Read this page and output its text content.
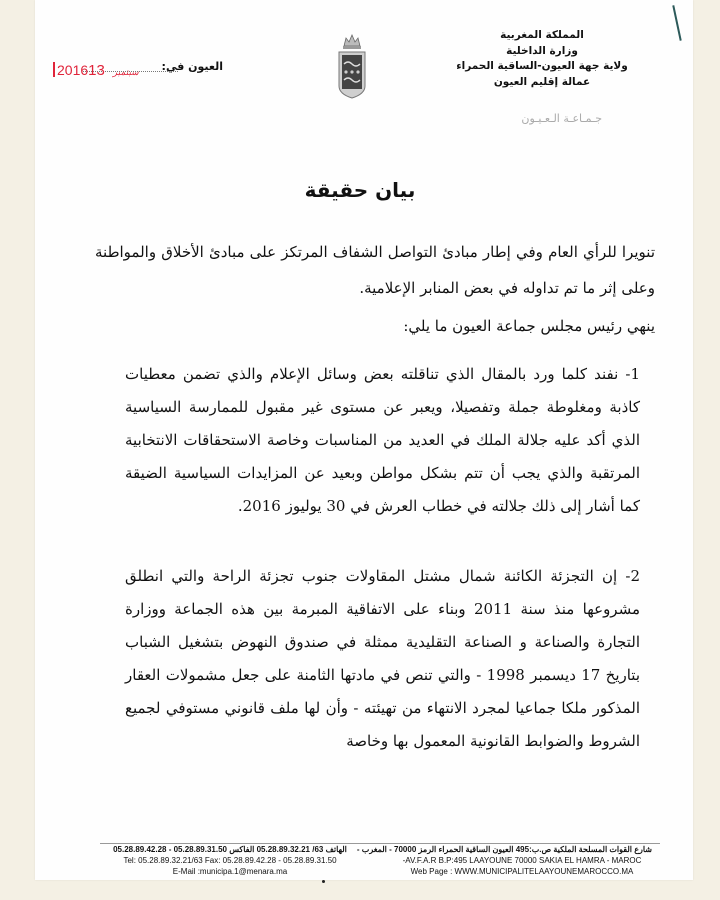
المملكة المغربية
وزارة الداخلية
ولاية جهة العيون-الساقية الحمراء
عمالة إقليم العيون
جـمـاعـة الـعـيـون
العيون في:
2016	سبتمبر13
بيان حقيقة
تنويرا للرأي العام وفي إطار مبادئ التواصل الشفاف المرتكز على مبادئ الأخلاق والمواطنة وعلى إثر ما تم تداوله في بعض المنابر الإعلامية.
ينهي رئيس مجلس جماعة العيون ما يلي:
1- نفند كلما ورد بالمقال الذي تناقلته بعض وسائل الإعلام والذي تضمن معطيات كاذبة ومغلوطة جملة وتفصيلا، ويعبر عن مستوى غير مقبول للممارسة السياسية الذي أكد عليه جلالة الملك في العديد من المناسبات وخاصة الاستحقاقات الانتخابية المرتقبة والذي يجب أن تتم بشكل مواطن وبعيد عن المزايدات السياسية الضيقة كما أشار إلى ذلك جلالته في خطاب العرش في 30 يوليوز 2016.
2- إن التجزئة الكائنة شمال مشتل المقاولات جنوب تجزئة الراحة والتي انطلق مشروعها منذ سنة 2011 وبناء على الاتفاقية المبرمة بين هذه الجماعة ووزارة التجارة والصناعة و الصناعة التقليدية ممثلة في صندوق النهوض بتشغيل الشباب بتاريخ 17 ديسمبر 1998 - والتي تنص في مادتها الثامنة على جعل مشمولات العقار المذكور ملكا جماعيا لمجرد الانتهاء من تهيئته - وأن لها ملف قانوني مستوفي لجميع الشروط والضوابط القانونية المعمول بها وخاصة
شارع القوات المسلحة الملكية ص.ب:495 العيون الساقية الحمراء الرمز 70000 - المغرب -
-AV.F.A.R B.P:495 LAAYOUNE 70000 SAKIA EL HAMRA - MAROC
Web Page : WWW.MUNICIPALITELAAYOUNEMAROCCO.MA
الهاتف 63/ 05.28.89.32.21 الفاكس 05.28.89.31.50 - 05.28.89.42.28
Tel: 05.28.89.32.21/63 Fax: 05.28.89.42.28 - 05.28.89.31.50
E-Mail :municipa.1@menara.ma
